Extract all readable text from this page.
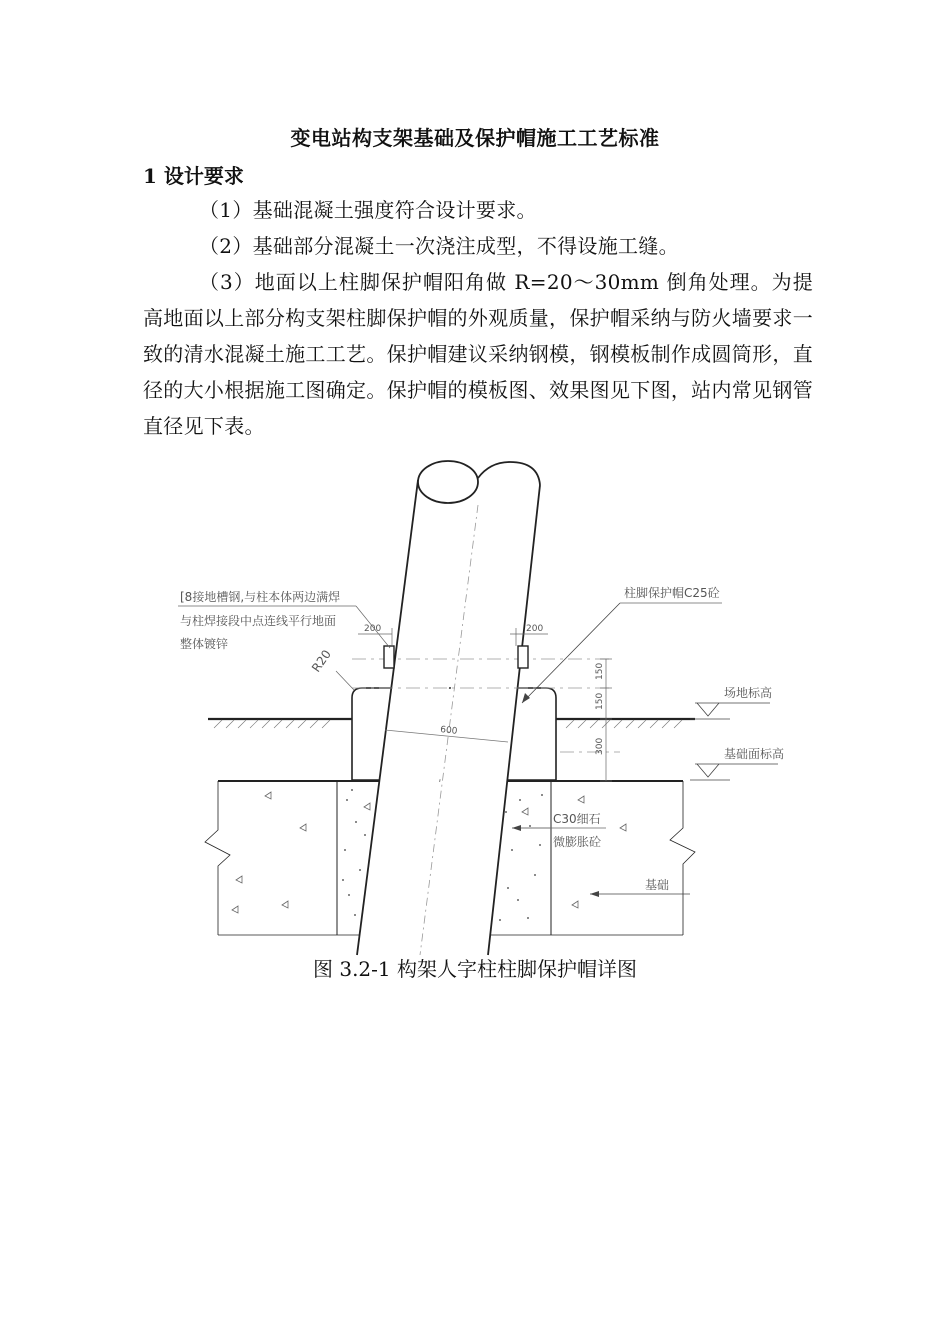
变电站构支架基础及保护帽施工工艺标准
1 设计要求
（1）基础混凝土强度符合设计要求。
（2）基础部分混凝土一次浇注成型，不得设施工缝。
（3）地面以上柱脚保护帽阳角做 R=20～30mm 倒角处理。为提高地面以上部分构支架柱脚保护帽的外观质量，保护帽采纳与防火墙要求一致的清水混凝土施工工艺。保护帽建议采纳钢模，钢模板制作成圆筒形，直径的大小根据施工图确定。保护帽的模板图、效果图见下图，站内常见钢管直径见下表。
600
200	200
R20	150
150
300
[8接地槽钢,与柱本体两边满焊
与柱焊接段中点连线平行地面
整体镀锌
柱脚保护帽C25砼
场地标高
基础面标高
C30细石
微膨胀砼
基础
图 3.2-1 构架人字柱柱脚保护帽详图
